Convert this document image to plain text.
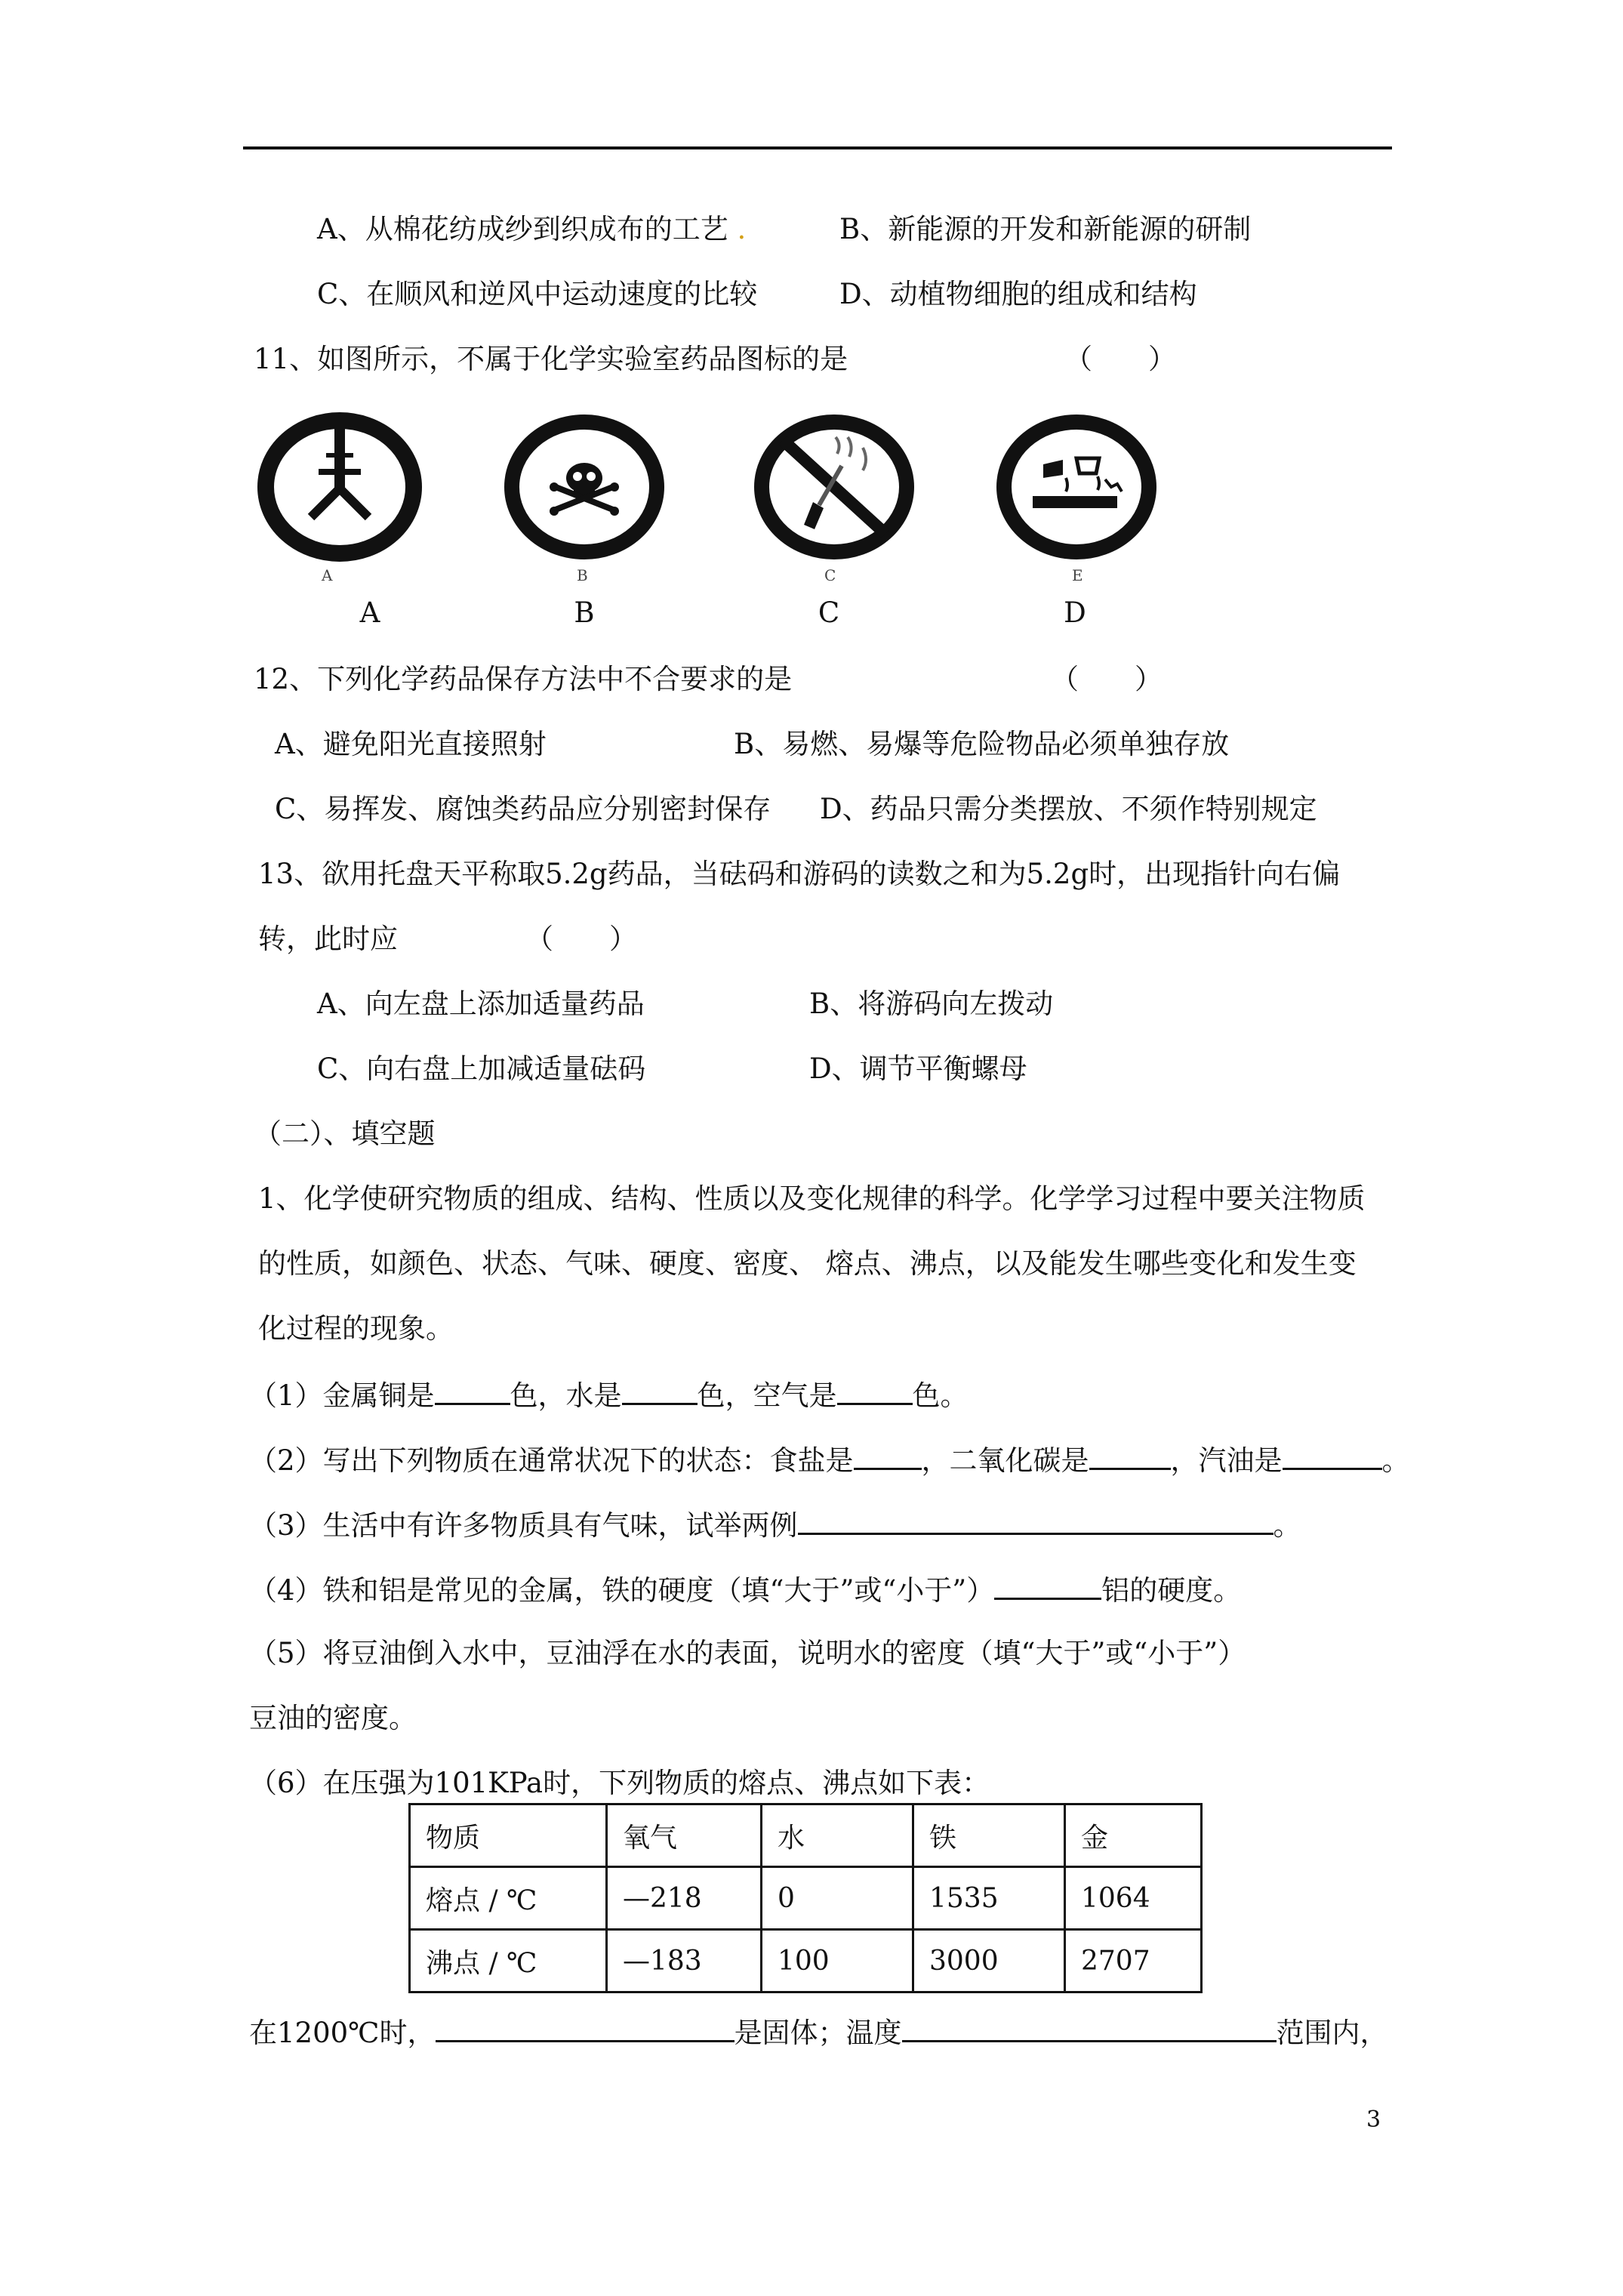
A、从棉花纺成纱到织成布的工艺 .	B、新能源的开发和新能源的研制
C、在顺风和逆风中运动速度的比较	D、动植物细胞的组成和结构
11、如图所示，不属于化学实验室药品图标的是	（　　）
A	B	C	E
A	B	C	D
12、下列化学药品保存方法中不合要求的是	（　　）
A、避免阳光直接照射	B、易燃、易爆等危险物品必须单独存放
C、易挥发、腐蚀类药品应分别密封保存 D、药品只需分类摆放、不须作特别规定
13、欲用托盘天平称取5.2g药品，当砝码和游码的读数之和为5.2g时，出现指针向右偏
转，此时应	（　　）
A、向左盘上添加适量药品	B、将游码向左拨动
C、向右盘上加减适量砝码	D、调节平衡螺母
（二）、填空题
1、化学使研究物质的组成、结构、性质以及变化规律的科学。化学学习过程中要关注物质
的性质，如颜色、状态、气味、硬度、密度、 熔点、沸点，以及能发生哪些变化和发生变
化过程的现象。
（1）金属铜是	色，水是	色，空气是	色。
（2）写出下列物质在通常状况下的状态：食盐是 ，二氧化碳是	，汽油是	。
（3）生活中有许多物质具有气味，试举两例	。
（4）铁和铝是常见的金属，铁的硬度（填“大于”或“小于”）	铝的硬度。
（5）将豆油倒入水中，豆油浮在水的表面，说明水的密度（填“大于”或“小于”）
豆油的密度。
（6）在压强为101KPa时，下列物质的熔点、沸点如下表：
物质	氧气	水	铁	金
熔点 / ℃	—218	0	1535	1064
沸点 / ℃	—183	100	3000	2707
在1200℃时，	是固体；温度	范围内，
3
